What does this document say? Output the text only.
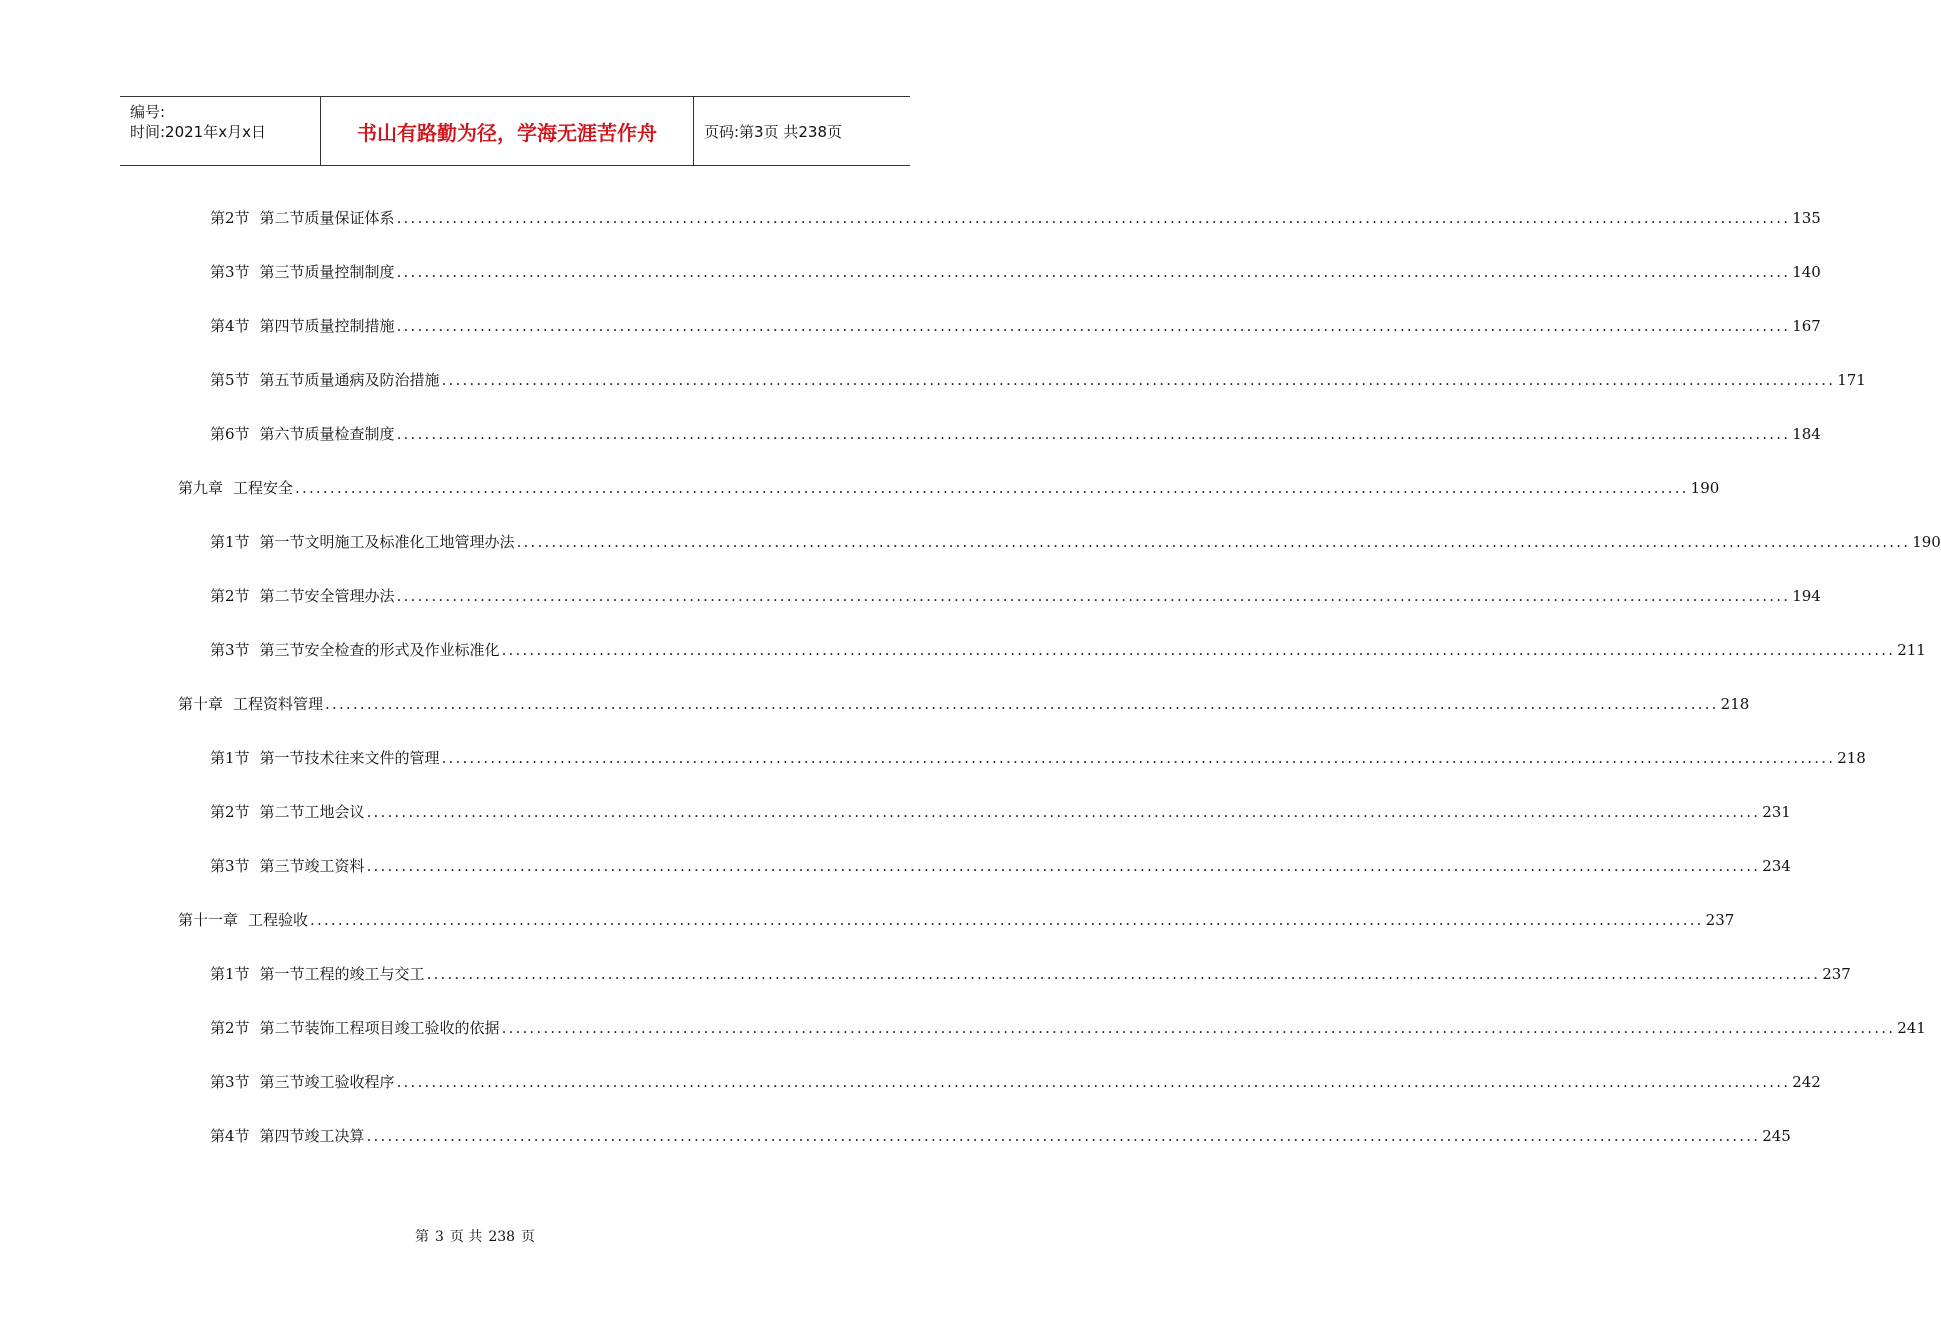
编号:
时间:2021年x月x日	书山有路勤为径，学海无涯苦作舟	页码:第3页 共238页
第2节 第二节质量保证体系 ........................................................................................................................................................................................................ 135
第3节 第三节质量控制制度 ........................................................................................................................................................................................................ 140
第4节 第四节质量控制措施 ........................................................................................................................................................................................................ 167
第5节 第五节质量通病及防治措施 ........................................................................................................................................................................................................ 171
第6节 第六节质量检查制度 ........................................................................................................................................................................................................ 184
第九章 工程安全 ........................................................................................................................................................................................................ 190
第1节 第一节文明施工及标准化工地管理办法 ........................................................................................................................................................................................................ 190
第2节 第二节安全管理办法 ........................................................................................................................................................................................................ 194
第3节 第三节安全检查的形式及作业标准化 ........................................................................................................................................................................................................ 211
第十章 工程资料管理 ........................................................................................................................................................................................................ 218
第1节 第一节技术往来文件的管理 ........................................................................................................................................................................................................ 218
第2节 第二节工地会议 ........................................................................................................................................................................................................ 231
第3节 第三节竣工资料 ........................................................................................................................................................................................................ 234
第十一章 工程验收 ........................................................................................................................................................................................................ 237
第1节 第一节工程的竣工与交工 ........................................................................................................................................................................................................ 237
第2节 第二节装饰工程项目竣工验收的依据 ........................................................................................................................................................................................................ 241
第3节 第三节竣工验收程序 ........................................................................................................................................................................................................ 242
第4节 第四节竣工决算 ........................................................................................................................................................................................................ 245
第 3 页 共 238 页
